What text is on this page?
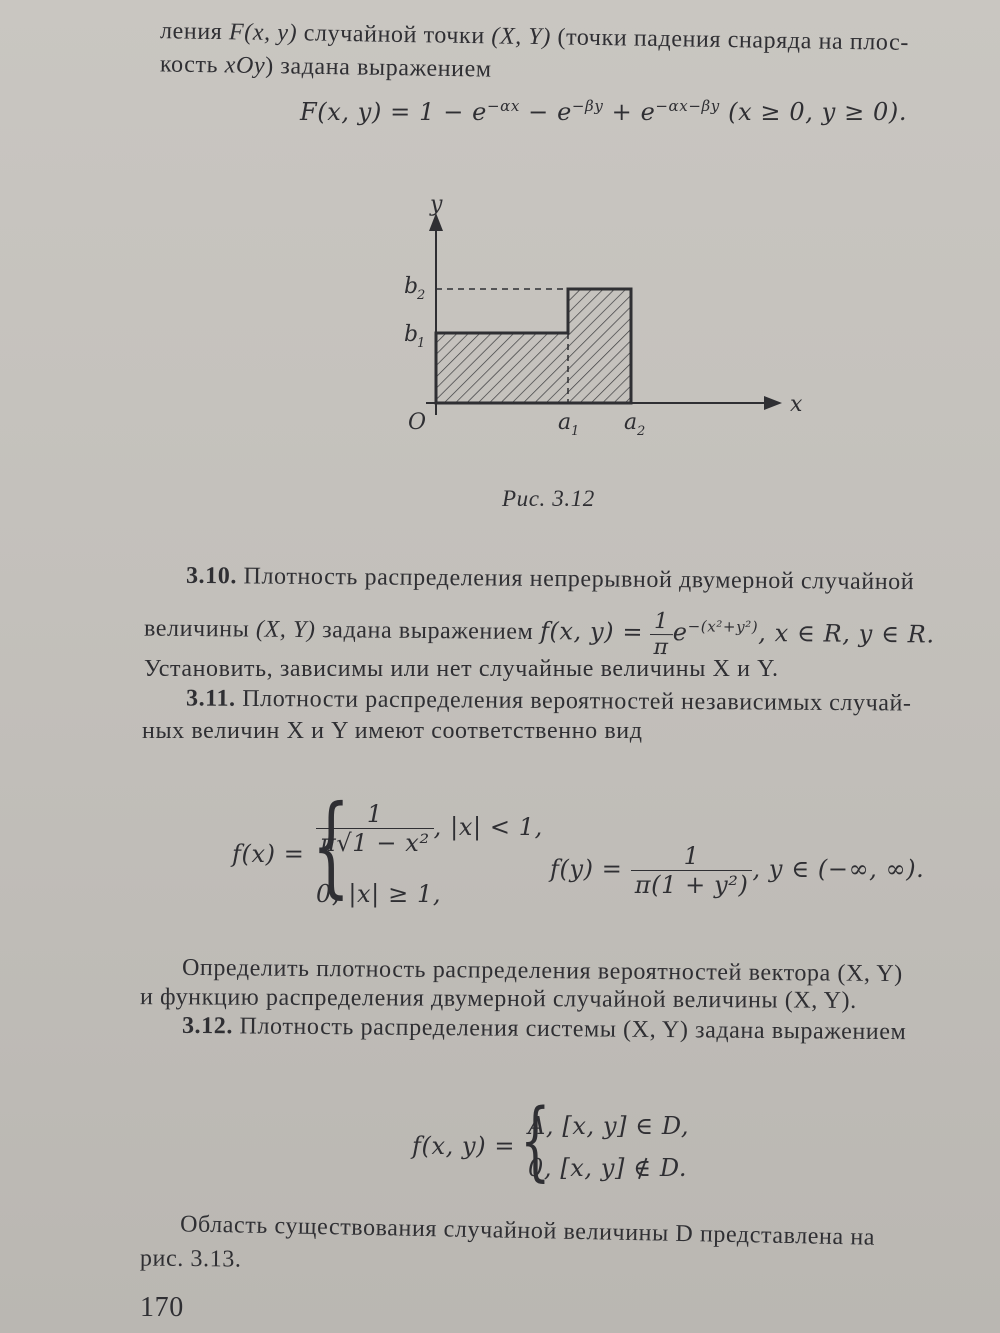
ления F(x, y) случайной точки (X, Y) (точки падения снаряда на плос-
кость xOy) задана выражением
F(x, $y) = 1 - e^{-\alpha x} - e^{-\beta y} + e^{-\alpha x-\beta y}$ (x ≥ 0, y ≥ 0).
y
x
O
b
2
b
1
a 1 a 2
Рис. 3.12
3.10. Плотность распределения непрерывной двумерной случайной
величины (X, Y) задана выражением f(x, $y) = \frac{1}{\pi} e^{-(x^2+y^2)}$, x ∈ R, y ∈ R.
Установить, зависимы или нет случайные величины X и Y.
3.11. Плотности распределения вероятностей независимых случай-
ных величин X и Y имеют соответственно вид
f(x) = {
$\frac{1}{\text{π√1 − x²}}$ , |x| < 1,
0, |x| ≥ 1,
$f(y) = \frac{1}{\text{π(1 + y²)}}$ , y ∈ (−∞, ∞).
Определить плотность распределения вероятностей вектора (X, Y)
и функцию распределения двумерной случайной величины (X, Y).
3.12. Плотность распределения системы (X, Y) задана выражением
f(x, y) = {
A, [x, y] ∈ D,
0, [x, y] ∉ D.
Область существования случайной величины D представлена на
рис. 3.13.
170
